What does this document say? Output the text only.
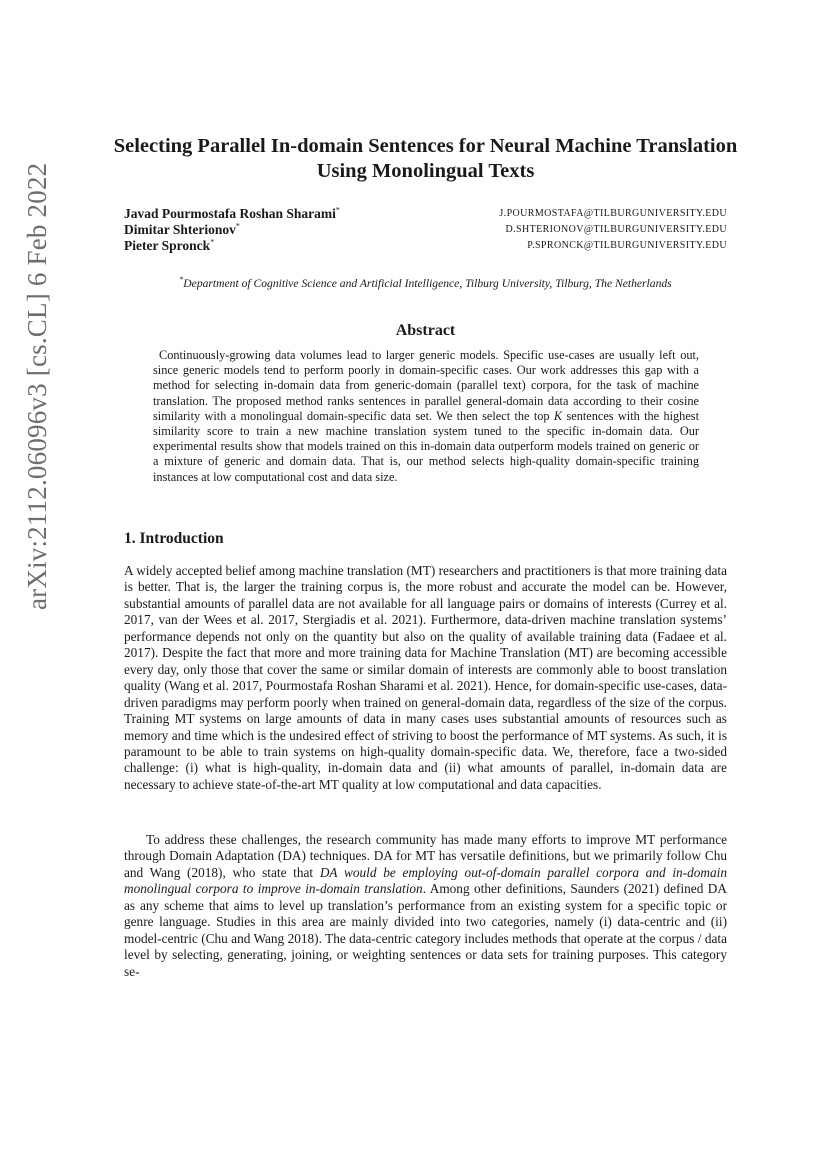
arXiv:2112.06096v3 [cs.CL] 6 Feb 2022
Selecting Parallel In-domain Sentences for Neural Machine Translation Using Monolingual Texts
Javad Pourmostafa Roshan Sharami*	J.POURMOSTAFA@TILBURGUNIVERSITY.EDU
Dimitar Shterionov*	D.SHTERIONOV@TILBURGUNIVERSITY.EDU
Pieter Spronck*	P.SPRONCK@TILBURGUNIVERSITY.EDU
*Department of Cognitive Science and Artificial Intelligence, Tilburg University, Tilburg, The Netherlands
Abstract

Continuously-growing data volumes lead to larger generic models. Specific use-cases are usually left out, since generic models tend to perform poorly in domain-specific cases. Our work addresses this gap with a method for selecting in-domain data from generic-domain (parallel text) corpora, for the task of machine translation. The proposed method ranks sentences in parallel general-domain data according to their cosine similarity with a monolingual domain-specific data set. We then select the top K sentences with the highest similarity score to train a new machine translation system tuned to the specific in-domain data. Our experimental results show that models trained on this in-domain data outperform models trained on generic or a mixture of generic and domain data. That is, our method selects high-quality domain-specific training instances at low computational cost and data size.

1. Introduction

A widely accepted belief among machine translation (MT) researchers and practitioners is that more training data is better. That is, the larger the training corpus is, the more robust and accurate the model can be. However, substantial amounts of parallel data are not available for all language pairs or domains of interests (Currey et al. 2017, van der Wees et al. 2017, Stergiadis et al. 2021). Furthermore, data-driven machine translation systems’ performance depends not only on the quantity but also on the quality of available training data (Fadaee et al. 2017). Despite the fact that more and more training data for Machine Translation (MT) are becoming accessible every day, only those that cover the same or similar domain of interests are commonly able to boost translation quality (Wang et al. 2017, Pourmostafa Roshan Sharami et al. 2021). Hence, for domain-specific use-cases, data-driven paradigms may perform poorly when trained on general-domain data, regardless of the size of the corpus. Training MT systems on large amounts of data in many cases uses substantial amounts of resources such as memory and time which is the undesired effect of striving to boost the performance of MT systems. As such, it is paramount to be able to train systems on high-quality domain-specific data. We, therefore, face a two-sided challenge: (i) what is high-quality, in-domain data and (ii) what amounts of parallel, in-domain data are necessary to achieve state-of-the-art MT quality at low computational and data capacities.

To address these challenges, the research community has made many efforts to improve MT performance through Domain Adaptation (DA) techniques. DA for MT has versatile definitions, but we primarily follow Chu and Wang (2018), who state that DA would be employing out-of-domain parallel corpora and in-domain monolingual corpora to improve in-domain translation. Among other definitions, Saunders (2021) defined DA as any scheme that aims to level up translation’s performance from an existing system for a specific topic or genre language. Studies in this area are mainly divided into two categories, namely (i) data-centric and (ii) model-centric (Chu and Wang 2018). The data-centric category includes methods that operate at the corpus / data level by selecting, generating, joining, or weighting sentences or data sets for training purposes. This category se-
